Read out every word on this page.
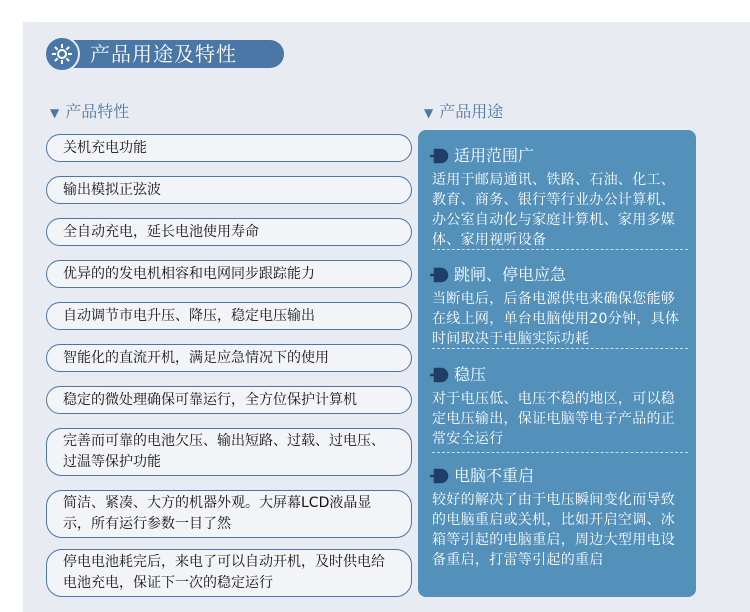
产品用途及特性
▼ 产品特性	▼ 产品用途
关机充电功能
输出模拟正弦波
全自动充电，延长电池使用寿命
优异的的发电机相容和电网同步跟踪能力
自动调节市电升压、降压，稳定电压输出
智能化的直流开机，满足应急情况下的使用
稳定的微处理确保可靠运行，全方位保护计算机
完善而可靠的电池欠压、输出短路、过载、过电压、过温等保护功能
简洁、紧凑、大方的机器外观。大屏幕LCD液晶显示，所有运行参数一目了然
停电电池耗完后，来电了可以自动开机，及时供电给电池充电，保证下一次的稳定运行
适用范围广
适用于邮局通讯、铁路、石油、化工、教育、商务、银行等行业办公计算机、办公室自动化与家庭计算机、家用多媒体、家用视听设备
跳闸、停电应急
当断电后，后备电源供电来确保您能够在线上网，单台电脑使用20分钟，具体时间取决于电脑实际功耗
稳压
对于电压低、电压不稳的地区，可以稳定电压输出，保证电脑等电子产品的正常安全运行
电脑不重启
较好的解决了由于电压瞬间变化而导致的电脑重启或关机，比如开启空调、冰箱等引起的电脑重启，周边大型用电设备重启，打雷等引起的重启
